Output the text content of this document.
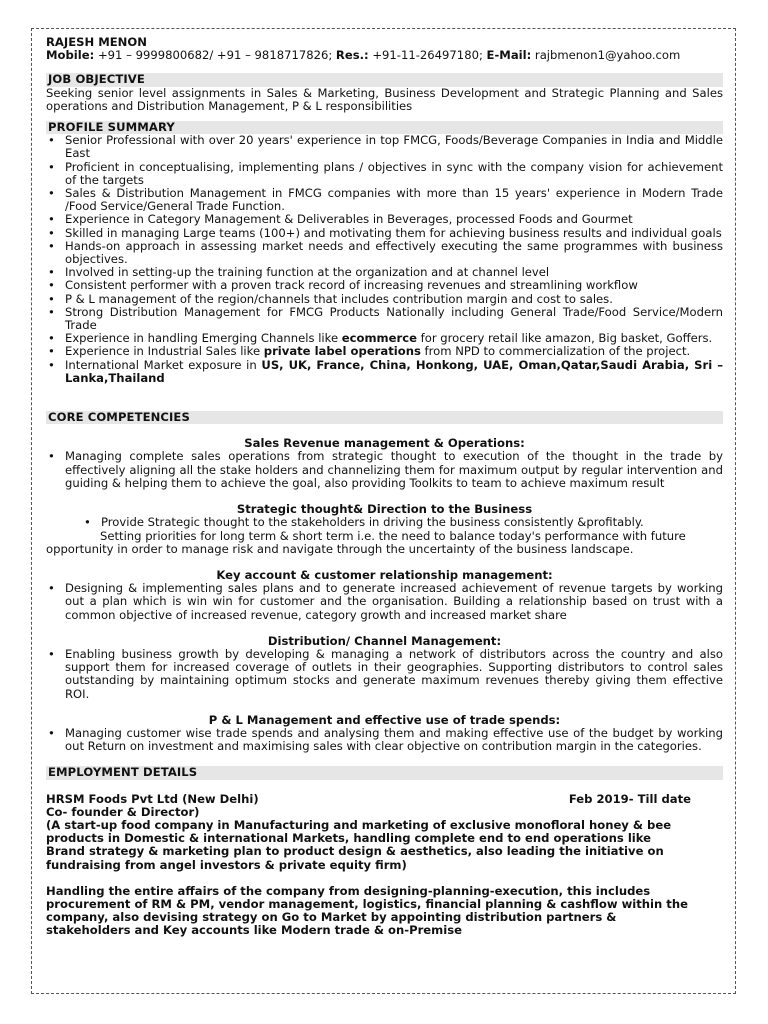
RAJESH MENON

Mobile: +91 – 9999800682/ +91 – 9818717826; Res.: +91-11-26497180; E-Mail: rajbmenon1@yahoo.com

JOB OBJECTIVE

Seeking senior level assignments in Sales & Marketing, Business Development and Strategic Planning and Sales operations and Distribution Management, P & L responsibilities

PROFILE SUMMARY

• Senior Professional with over 20 years' experience in top FMCG, Foods/Beverage Companies in India and Middle East
• Proficient in conceptualising, implementing plans / objectives in sync with the company vision for achievement of the targets
• Sales & Distribution Management in FMCG companies with more than 15 years' experience in Modern Trade /Food Service/General Trade Function.
• Experience in Category Management & Deliverables in Beverages, processed Foods and Gourmet
• Skilled in managing Large teams (100+) and motivating them for achieving business results and individual goals
• Hands-on approach in assessing market needs and effectively executing the same programmes with business objectives.
• Involved in setting-up the training function at the organization and at channel level
• Consistent performer with a proven track record of increasing revenues and streamlining workflow
• P & L management of the region/channels that includes contribution margin and cost to sales.
• Strong Distribution Management for FMCG Products Nationally including General Trade/Food Service/Modern Trade
• Experience in handling Emerging Channels like ecommerce for grocery retail like amazon, Big basket, Goffers.
• Experience in Industrial Sales like private label operations from NPD to commercialization of the project.
• International Market exposure in US, UK, France, China, Honkong, UAE, Oman,Qatar,Saudi Arabia, Sri – Lanka,Thailand

CORE COMPETENCIES

Sales Revenue management & Operations:

• Managing complete sales operations from strategic thought to execution of the thought in the trade by effectively aligning all the stake holders and channelizing them for maximum output by regular intervention and guiding & helping them to achieve the goal, also providing Toolkits to team to achieve maximum result

Strategic thought& Direction to the Business

• Provide Strategic thought to the stakeholders in driving the business consistently &profitably.

Setting priorities for long term & short term i.e. the need to balance today's performance with future opportunity in order to manage risk and navigate through the uncertainty of the business landscape.

Key account & customer relationship management:

• Designing & implementing sales plans and to generate increased achievement of revenue targets by working out a plan which is win win for customer and the organisation. Building a relationship based on trust with a common objective of increased revenue, category growth and increased market share

Distribution/ Channel Management:

• Enabling business growth by developing & managing a network of distributors across the country and also support them for increased coverage of outlets in their geographies. Supporting distributors to control sales outstanding by maintaining optimum stocks and generate maximum revenues thereby giving them effective ROI.

P & L Management and effective use of trade spends:

• Managing customer wise trade spends and analysing them and making effective use of the budget by working out Return on investment and maximising sales with clear objective on contribution margin in the categories.

EMPLOYMENT DETAILS

HRSM Foods Pvt Ltd (New Delhi)	Feb 2019- Till date

Co- founder & Director)

(A start-up food company in Manufacturing and marketing of exclusive monofloral honey & bee products in Domestic & international Markets, handling complete end to end operations like Brand strategy & marketing plan to product design & aesthetics, also leading the initiative on fundraising from angel investors & private equity firm)

Handling the entire affairs of the company from designing-planning-execution, this includes procurement of RM & PM, vendor management, logistics, financial planning & cashflow within the company, also devising strategy on Go to Market by appointing distribution partners & stakeholders and Key accounts like Modern trade & on-Premise
